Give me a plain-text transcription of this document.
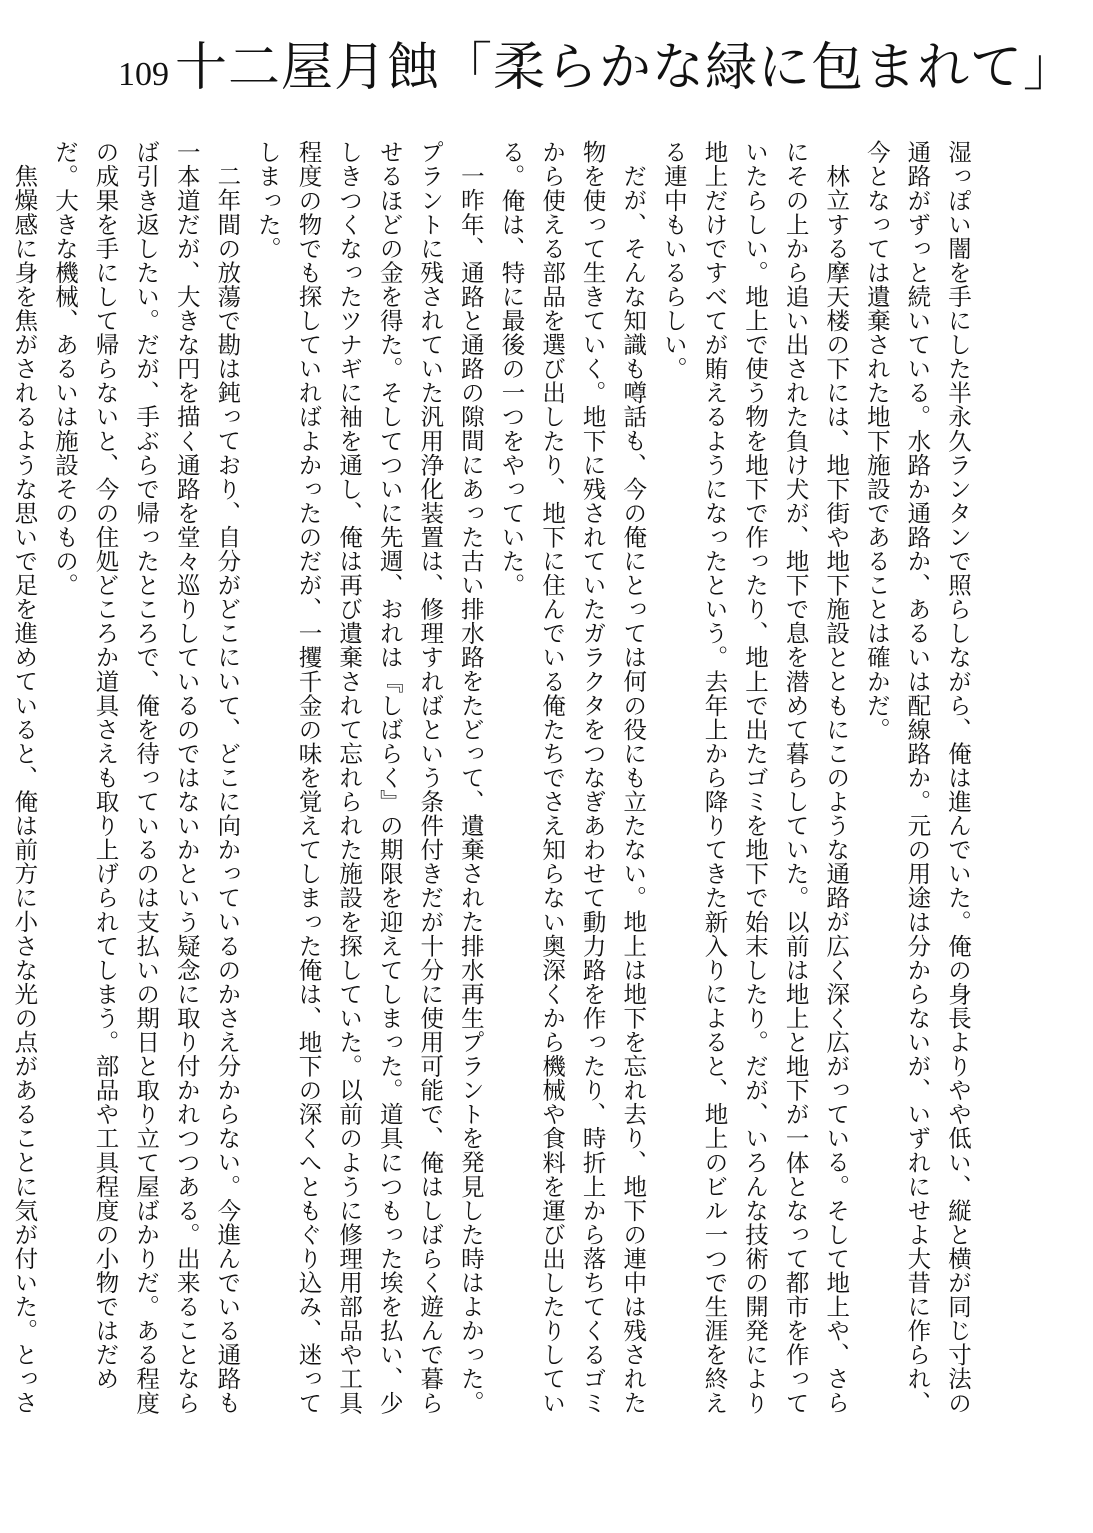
109 十二屋月蝕「柔らかな緑に包まれて」

湿っぽい闇を手にした半永久ランタンで照らしながら、俺は進んでいた。俺の身長よりやや低い、縦と横が同じ寸法の通路がずっと続いている。水路か通路か、あるいは配線路か。元の用途は分からないが、いずれにせよ大昔に作られ、今となっては遺棄された地下施設であることは確かだ。

林立する摩天楼の下には、地下街や地下施設とともにこのような通路が広く深く広がっている。そして地上や、さらにその上から追い出された負け犬が、地下で息を潜めて暮らしていた。以前は地上と地下が一体となって都市を作っていたらしい。地上で使う物を地下で作ったり、地上で出たゴミを地下で始末したり。だが、いろんな技術の開発により地上だけですべてが賄えるようになったという。去年上から降りてきた新入りによると、地上のビル一つで生涯を終える連中もいるらしい。

だが、そんな知識も噂話も、今の俺にとっては何の役にも立たない。地上は地下を忘れ去り、地下の連中は残された物を使って生きていく。地下に残されていたガラクタをつなぎあわせて動力路を作ったり、時折上から落ちてくるゴミから使える部品を選び出したり、地下に住んでいる俺たちでさえ知らない奥深くから機械や食料を運び出したりしている。俺は、特に最後の一つをやっていた。

一昨年、通路と通路の隙間にあった古い排水路をたどって、遺棄された排水再生プラントを発見した時はよかった。プラントに残されていた汎用浄化装置は、修理すればという条件付きだが十分に使用可能で、俺はしばらく遊んで暮らせるほどの金を得た。そしてついに先週、おれは『しばらく』の期限を迎えてしまった。道具につもった埃を払い、少しきつくなったツナギに袖を通し、俺は再び遺棄されて忘れられた施設を探していた。以前のように修理用部品や工具程度の物でも探していればよかったのだが、一攫千金の味を覚えてしまった俺は、地下の深くへともぐり込み、迷ってしまった。

二年間の放蕩で勘は鈍っており、自分がどこにいて、どこに向かっているのかさえ分からない。今進んでいる通路も一本道だが、大きな円を描く通路を堂々巡りしているのではないかという疑念に取り付かれつつある。出来ることならば引き返したい。だが、手ぶらで帰ったところで、俺を待っているのは支払いの期日と取り立て屋ばかりだ。ある程度の成果を手にして帰らないと、今の住処どころか道具さえも取り上げられてしまう。部品や工具程度の小物ではだめだ。大きな機械、あるいは施設そのもの。

焦燥感に身を焦がされるような思いで足を進めていると、俺は前方に小さな光の点があることに気が付いた。とっさ
